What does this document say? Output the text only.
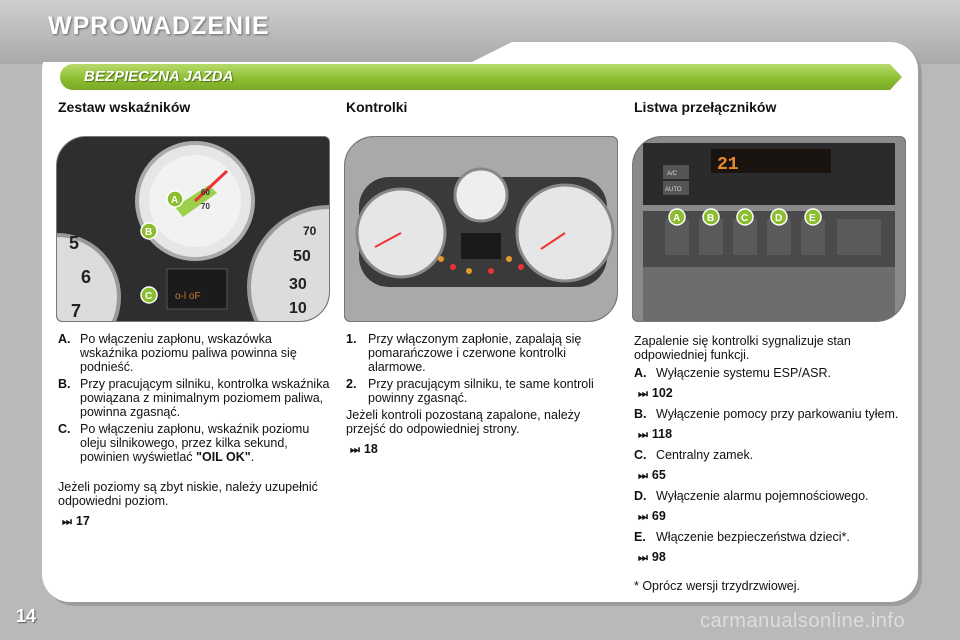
WPROWADZENIE
BEZPIECZNA JAZDA
Zestaw wskaźników	Kontrolki	Listwa przełączników
o-l oF
5
6
7
70
50
30
10
60
70
A
B
C
21
A/C
AUTO
A	B	C	D	E
A. Po włączeniu zapłonu, wskazówka wskaźnika poziomu paliwa powinna się podnieść.
B. Przy pracującym silniku, kontrolka wskaźnika powiązana z minimalnym poziomem paliwa, powinna zgasnąć.
C. Po włączeniu zapłonu, wskaźnik poziomu oleju silnikowego, przez kilka sekund, powinien wyświetlać "OIL OK".
Jeżeli poziomy są zbyt niskie, należy uzupełnić odpowiedni poziom.
⏭ 17
1. Przy włączonym zapłonie, zapalają się pomarańczowe i czerwone kontrolki alarmowe.
2. Przy pracującym silniku, te same kontroli powinny zgasnąć.
Jeżeli kontroli pozostaną zapalone, należy przejść do odpowiedniej strony.
⏭ 18
Zapalenie się kontrolki sygnalizuje stan odpowiedniej funkcji.
A. Wyłączenie systemu ESP/ASR.
⏭ 102
B. Wyłączenie pomocy przy parkowaniu tyłem.
⏭ 118
C. Centralny zamek.
⏭ 65
D. Wyłączenie alarmu pojemnościowego.
⏭ 69
E. Włączenie bezpieczeństwa dzieci*.
⏭ 98
* Oprócz wersji trzydrzwiowej.
14	carmanualsonline.info
